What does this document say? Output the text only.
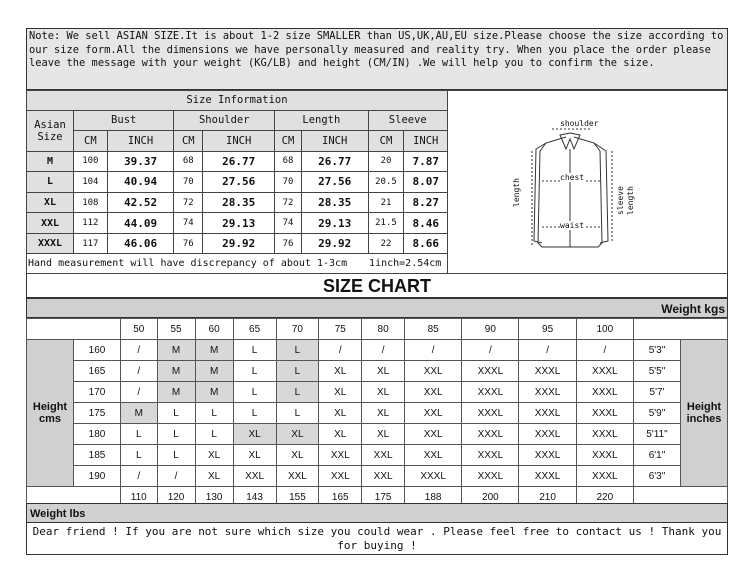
Note: We sell ASIAN SIZE.It is about 1-2 size SMALLER than US,UK,AU,EU size.Please choose the size according to our size form.All the dimensions we have personally measured and reality try. When you place the order please leave the message with your weight (KG/LB) and height (CM/IN) .We will help you to confirm the size.
Size Information								
Asian Size	Bust		Shoulder		Length		Sleeve	
	CM	INCH	CM	INCH	CM	INCH	CM	INCH
M	100	39.37	68	26.77	68	26.77	20	7.87
L	104	40.94	70	27.56	70	27.56	20.5	8.07
XL	108	42.52	72	28.35	72	28.35	21	8.27
XXL	112	44.09	74	29.13	74	29.13	21.5	8.46
XXXL	117	46.06	76	29.92	76	29.92	22	8.66
Hand measurement will have discrepancy of about 1-3cm							1inch=2.54cm	
shoulder
chest
waist
length	sleeve length
SIZE CHART
Weight kgs
		50	55	60	65	70	75	80	85	90	95	100		
Height cms	160	/	M	M	L	L	/	/	/	/	/	/	5'3"	Height inches
	165	/	M	M	L	L	XL	XL	XXL	XXXL	XXXL	XXXL	5'5"	
	170	/	M	M	L	L	XL	XL	XXL	XXXL	XXXL	XXXL	5'7'	
	175	M	L	L	L	L	XL	XL	XXL	XXXL	XXXL	XXXL	5'9"	
	180	L	L	L	XL	XL	XL	XL	XXL	XXXL	XXXL	XXXL	5'11"	
	185	L	L	XL	XL	XL	XXL	XXL	XXL	XXXL	XXXL	XXXL	6'1"	
	190	/	/	XL	XXL	XXL	XXL	XXL	XXXL	XXXL	XXXL	XXXL	6'3"	
		110	120	130	143	155	165	175	188	200	210	220		
Weight lbs
Dear friend ! If you are not sure which size you could wear . Please feel free to contact us ! Thank you for buying !
